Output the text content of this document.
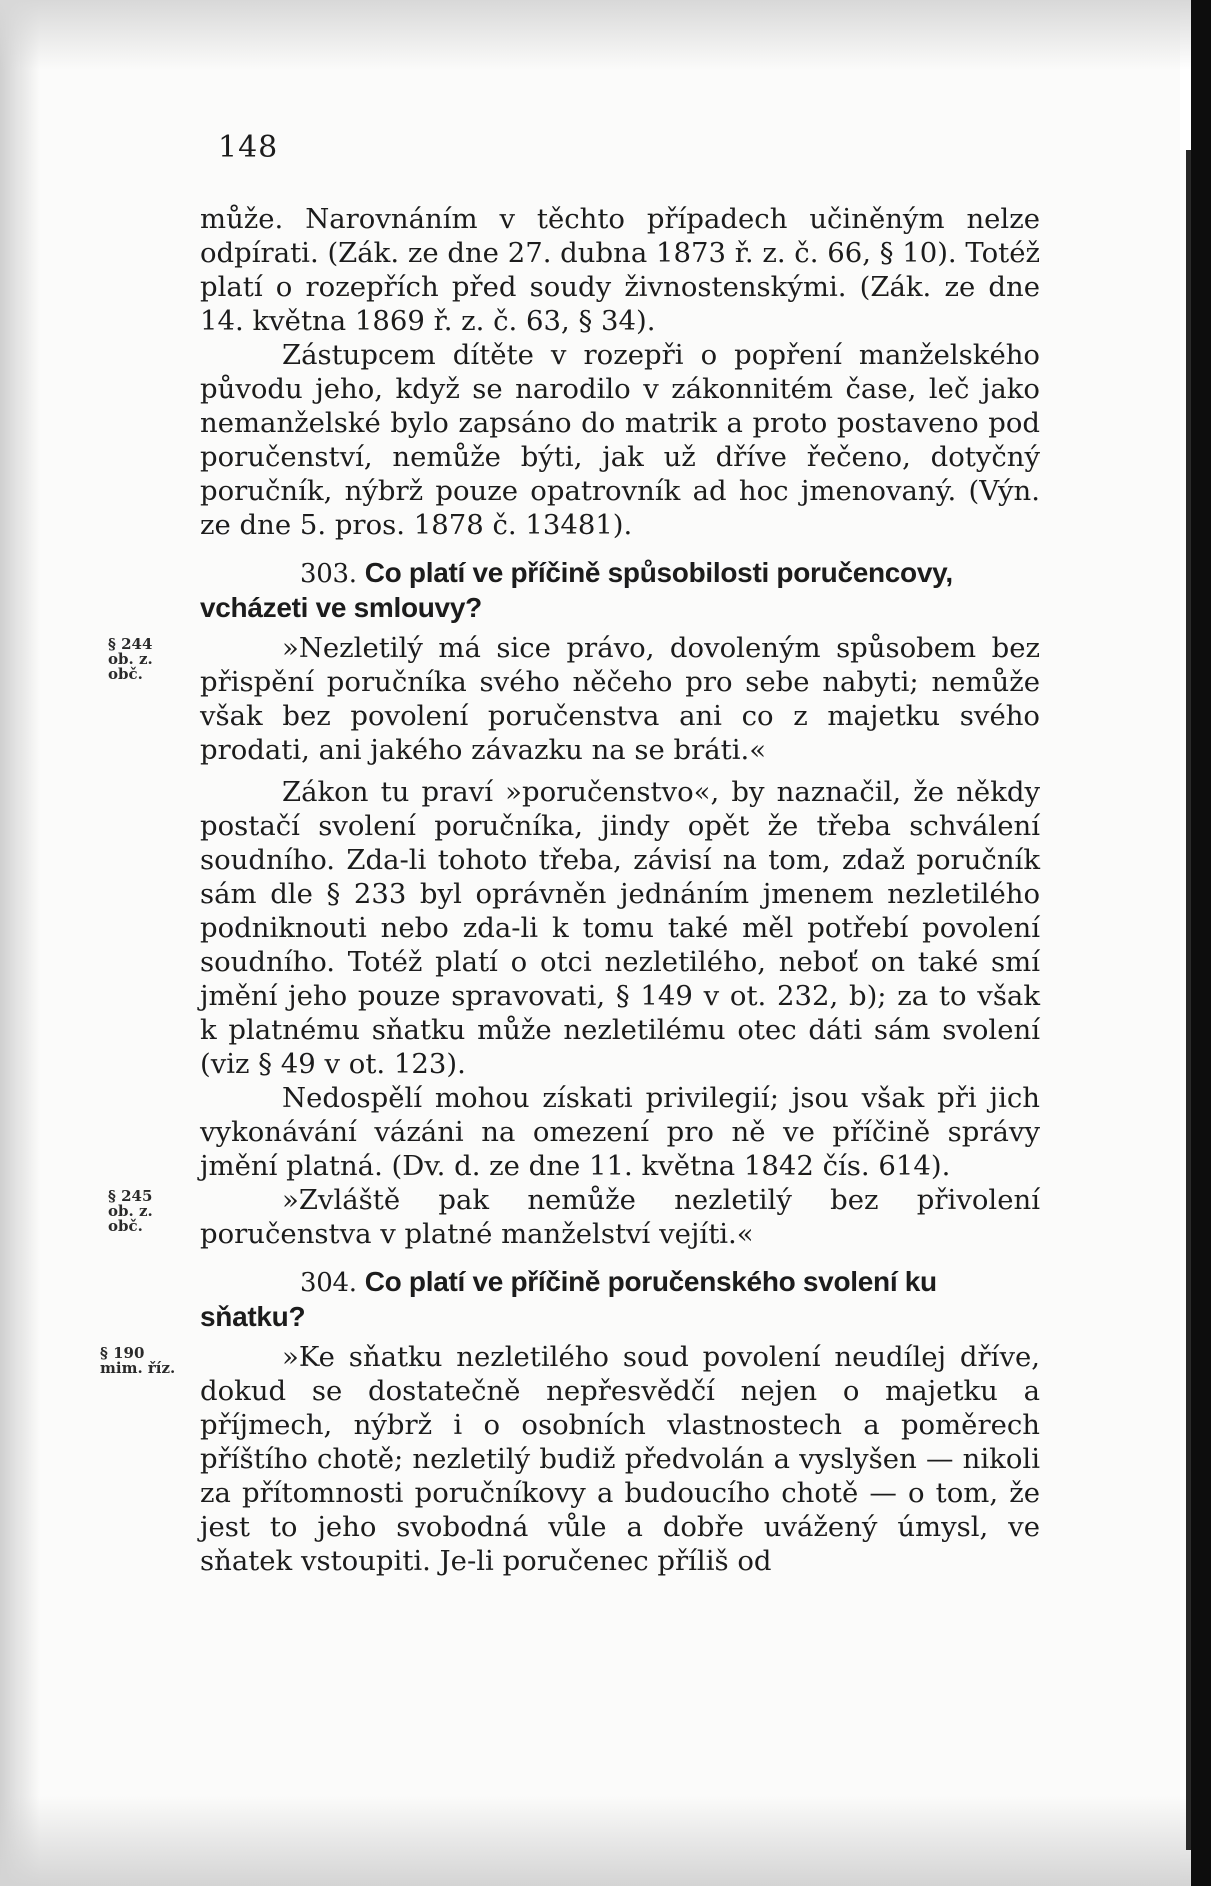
148

může. Narovnáním v těchto případech učiněným nelze odpírati. (Zák. ze dne 27. dubna 1873 ř. z. č. 66, § 10). Totéž platí o rozepřích před soudy živnostenskými. (Zák. ze dne 14. května 1869 ř. z. č. 63, § 34).

Zástupcem dítěte v rozepři o popření manželského původu jeho, když se narodilo v zákonnitém čase, leč jako nemanželské bylo zapsáno do matrik a proto postaveno pod poručenství, nemůže býti, jak už dříve řečeno, dotyčný poručník, nýbrž pouze opatrovník ad hoc jmenovaný. (Výn. ze dne 5. pros. 1878 č. 13481).

303. Co platí ve příčině spůsobilosti poručencovy, vcházeti ve smlouvy?
§ 244 ob. z. obč.

»Nezletilý má sice právo, dovoleným spůsobem bez přispění poručníka svého něčeho pro sebe nabyti; nemůže však bez povolení poručenstva ani co z majetku svého prodati, ani jakého závazku na se bráti.«

Zákon tu praví »poručenstvo«, by naznačil, že někdy postačí svolení poručníka, jindy opět že třeba schválení soudního. Zda-li tohoto třeba, závisí na tom, zdaž poručník sám dle § 233 byl oprávněn jednáním jmenem nezletilého podniknouti nebo zda-li k tomu také měl potřebí povolení soudního. Totéž platí o otci nezletilého, neboť on také smí jmění jeho pouze spravovati, § 149 v ot. 232, b); za to však k platnému sňatku může nezletilému otec dáti sám svolení (viz § 49 v ot. 123).

Nedospělí mohou získati privilegií; jsou však při jich vykonávání vázáni na omezení pro ně ve příčině správy jmění platná. (Dv. d. ze dne 11. května 1842 čís. 614).

§ 245 ob. z. obč.

»Zvláště pak nemůže nezletilý bez přivolení poručenstva v platné manželství vejíti.«

304. Co platí ve příčině poručenského svolení ku sňatku?
§ 190 mim. říz.	»Ke sňatku nezletilého soud povolení neudílej dříve, dokud se dostatečně nepřesvědčí nejen o majetku a příjmech, nýbrž i o osobních vlastnostech a poměrech příštího chotě; nezletilý budiž předvolán a vyslyšen — nikoli za přítomnosti poručníkovy a budoucího chotě — o tom, že jest to jeho svobodná vůle a dobře uvážený úmysl, ve sňatek vstoupiti. Je-li poručenec příliš od
